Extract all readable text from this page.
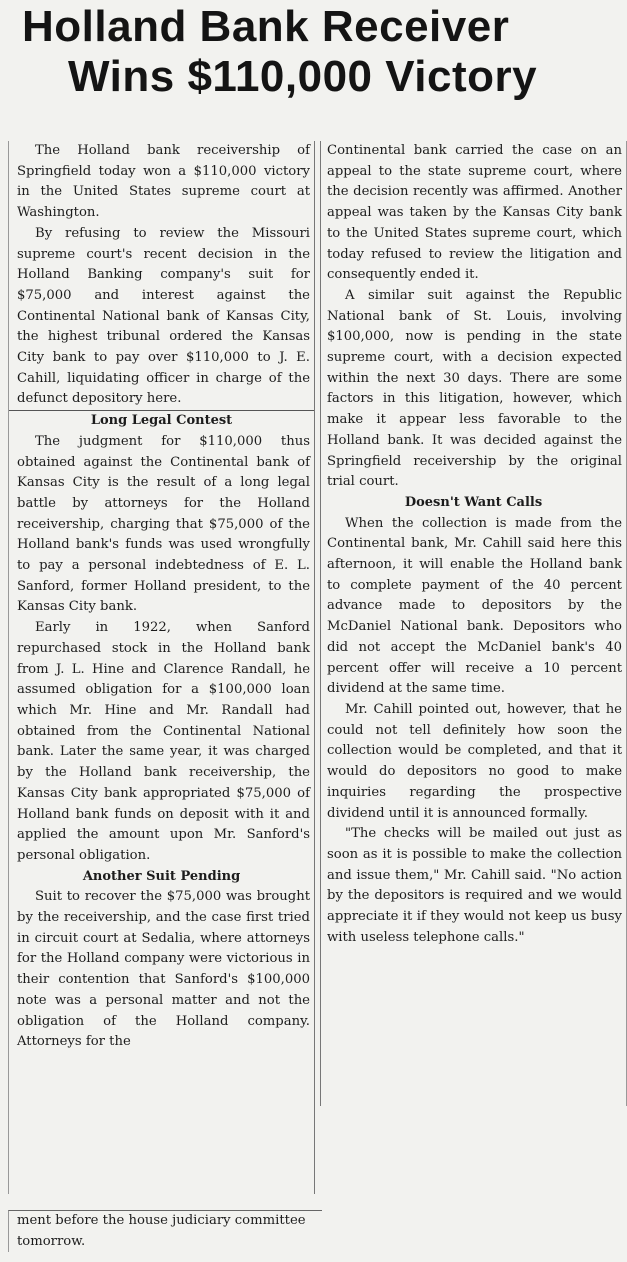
Holland Bank Receiver
Wins $110,000 Victory

The Holland bank receivership of Springfield today won a $110,000 victory in the United States supreme court at Washington.

By refusing to review the Missouri supreme court's recent decision in the Holland Banking company's suit for $75,000 and interest against the Continental National bank of Kansas City, the highest tribunal ordered the Kansas City bank to pay over $110,000 to J. E. Cahill, liquidating officer in charge of the defunct depository here.

Long Legal Contest

The judgment for $110,000 thus obtained against the Continental bank of Kansas City is the result of a long legal battle by attorneys for the Holland receivership, charging that $75,000 of the Holland bank's funds was used wrongfully to pay a personal indebtedness of E. L. Sanford, former Holland president, to the Kansas City bank.

Early in 1922, when Sanford repurchased stock in the Holland bank from J. L. Hine and Clarence Randall, he assumed obligation for a $100,000 loan which Mr. Hine and Mr. Randall had obtained from the Continental National bank. Later the same year, it was charged by the Holland bank receivership, the Kansas City bank appropriated $75,000 of Holland bank funds on deposit with it and applied the amount upon Mr. Sanford's personal obligation.

Another Suit Pending

Suit to recover the $75,000 was brought by the receivership, and the case first tried in circuit court at Sedalia, where attorneys for the Holland company were victorious in their contention that Sanford's $100,000 note was a personal matter and not the obligation of the Holland company. Attorneys for the

Continental bank carried the case on an appeal to the state supreme court, where the decision recently was affirmed. Another appeal was taken by the Kansas City bank to the United States supreme court, which today refused to review the litigation and consequently ended it.

A similar suit against the Republic National bank of St. Louis, involving $100,000, now is pending in the state supreme court, with a decision expected within the next 30 days. There are some factors in this litigation, however, which make it appear less favorable to the Holland bank. It was decided against the Springfield receivership by the original trial court.

Doesn't Want Calls

When the collection is made from the Continental bank, Mr. Cahill said here this afternoon, it will enable the Holland bank to complete payment of the 40 percent advance made to depositors by the McDaniel National bank. Depositors who did not accept the McDaniel bank's 40 percent offer will receive a 10 percent dividend at the same time.

Mr. Cahill pointed out, however, that he could not tell definitely how soon the collection would be completed, and that it would do depositors no good to make inquiries regarding the prospective dividend until it is announced formally.

"The checks will be mailed out just as soon as it is possible to make the collection and issue them," Mr. Cahill said. "No action by the depositors is required and we would appreciate it if they would not keep us busy with useless telephone calls."

ment before the house judiciary committee tomorrow.
